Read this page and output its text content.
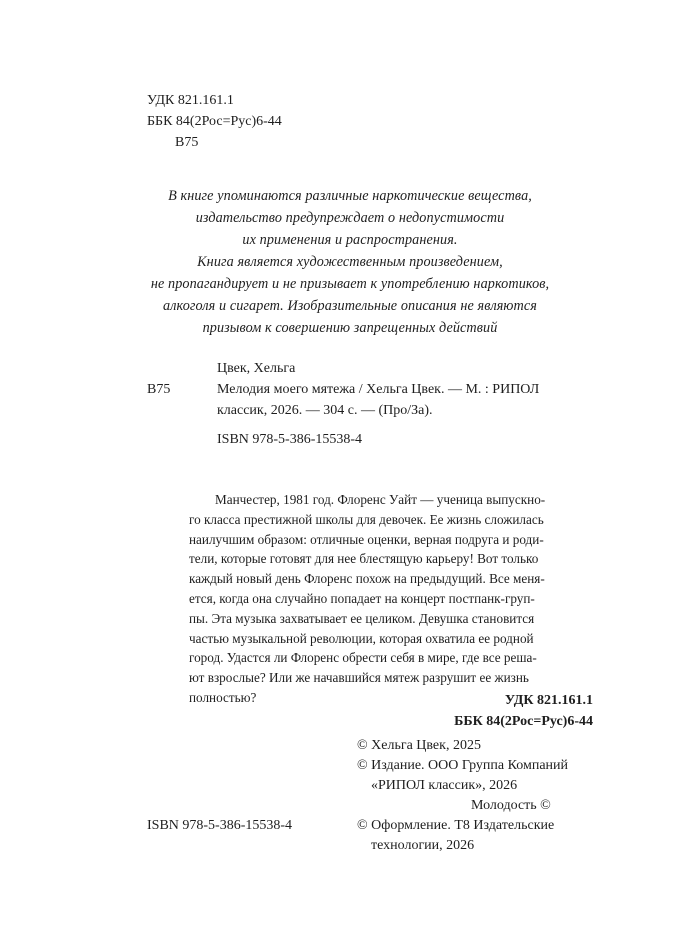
УДК 821.161.1
ББК 84(2Рос=Рус)6-44
В75
В книге упоминаются различные наркотические вещества,
издательство предупреждает о недопустимости
их применения и распространения.
Книга является художественным произведением,
не пропагандирует и не призывает к употреблению наркотиков,
алкоголя и сигарет. Изобразительные описания не являются
призывом к совершению запрещенных действий
Цвек, Хельга
Мелодия моего мятежа / Хельга Цвек. — М. : РИПОЛ
классик, 2026. — 304 с. — (Про/За).
В75
ISBN 978-5-386-15538-4
Манчестер, 1981 год. Флоренс Уайт — ученица выпускно-
го класса престижной школы для девочек. Ее жизнь сложилась
наилучшим образом: отличные оценки, верная подруга и роди-
тели, которые готовят для нее блестящую карьеру! Вот только
каждый новый день Флоренс похож на предыдущий. Все меня-
ется, когда она случайно попадает на концерт постпанк-груп-
пы. Эта музыка захватывает ее целиком. Девушка становится
частью музыкальной революции, которая охватила ее родной
город. Удастся ли Флоренс обрести себя в мире, где все реша-
ют взрослые? Или же начавшийся мятеж разрушит ее жизнь
полностью?	УДК 821.161.1
ББК 84(2Рос=Рус)6-44
© Хельга Цвек, 2025
© Издание. ООО Группа Компаний
«РИПОЛ классик», 2026
Молодость ©
© Оформление. Т8 Издательские
технологии, 2026
ISBN 978-5-386-15538-4
